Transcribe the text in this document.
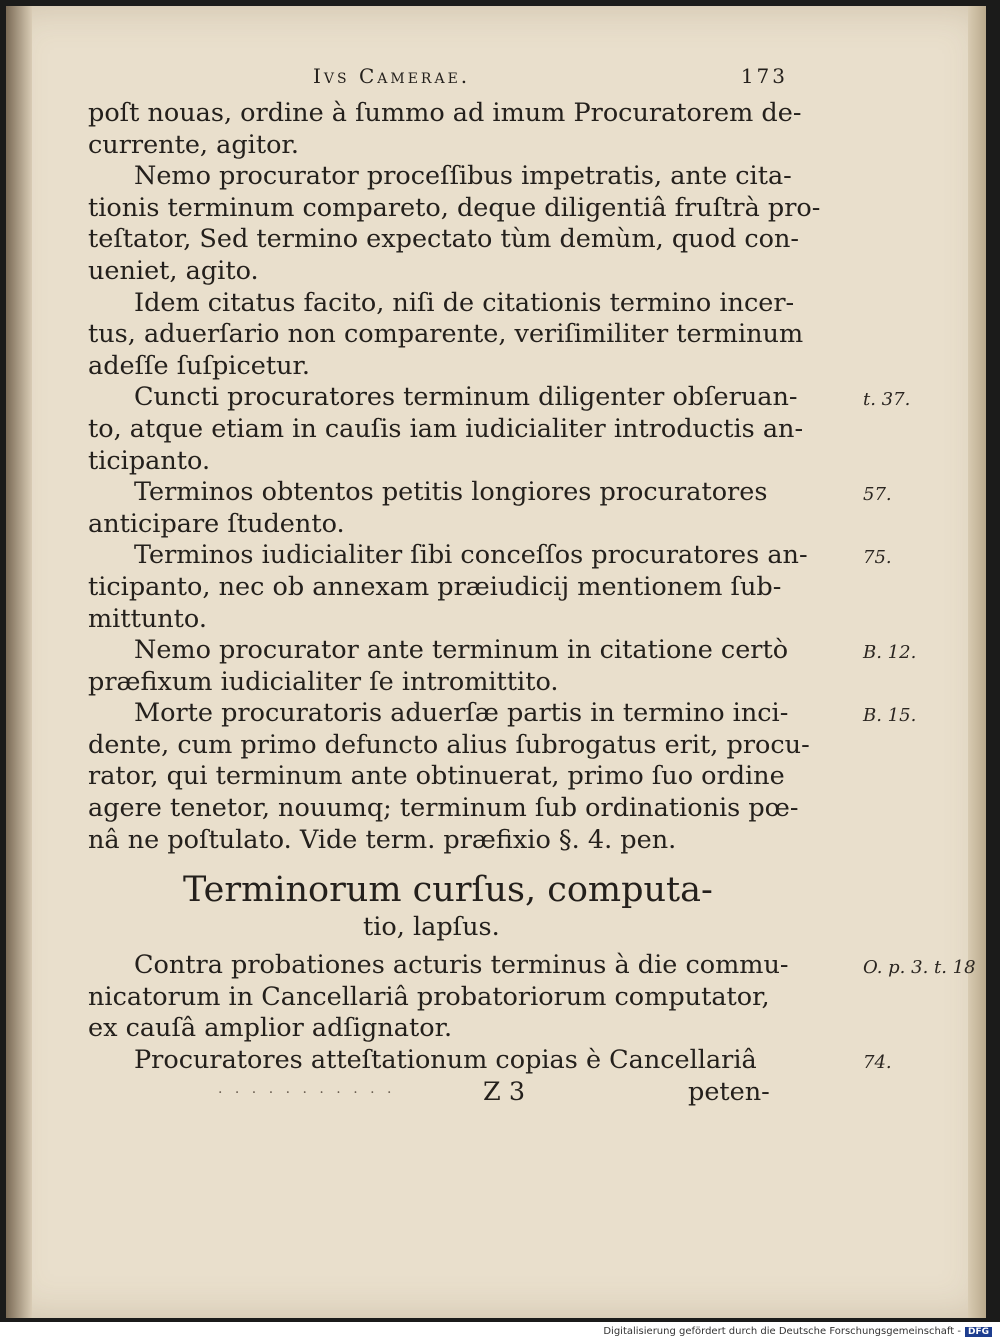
Ivs Camerae.	173
poſt nouas, ordine à ſummo ad imum Procuratorem de-
currente, agitor.
Nemo procurator proceſſibus impetratis, ante cita-
tionis terminum compareto, deque diligentiâ fruſtrà pro-
teſtator, Sed termino expectato tùm demùm, quod con-
ueniet, agito.
Idem citatus facito, niſi de citationis termino incer-
tus, aduerſario non comparente, veriſimiliter terminum
adeſſe ſuſpicetur.
Cuncti procuratores terminum diligenter obſeruan-
to, atque etiam in cauſis iam iudicialiter introductis an-
ticipanto.
t. 37.
Terminos obtentos petitis longiores procuratores
anticipare ſtudento.
57.
Terminos iudicialiter ſibi conceſſos procuratores an-
ticipanto, nec ob annexam præiudicij mentionem ſub-
mittunto.
75.
Nemo procurator ante terminum in citatione certò
præfixum iudicialiter ſe intromittito.
B. 12.
Morte procuratoris aduerſæ partis in termino inci-
dente, cum primo defuncto alius ſubrogatus erit, procu-
rator, qui terminum ante obtinuerat, primo ſuo ordine
agere tenetor, nouumq; terminum ſub ordinationis pœ-
nâ ne poſtulato. Vide term. præfixio §. 4. pen.
B. 15.
Terminorum curſus, computa-
tio, lapſus.
Contra probationes acturis terminus à die commu-
nicatorum in Cancellariâ probatoriorum computator,
ex cauſâ amplior adſignator.
O. p. 3. t. 18
Procuratores atteſtationum copias è Cancellariâ	74.
· · · · · · · · · · ·	Z 3	peten-
Digitalisierung gefördert durch die Deutsche Forschungsgemeinschaft - DFG
